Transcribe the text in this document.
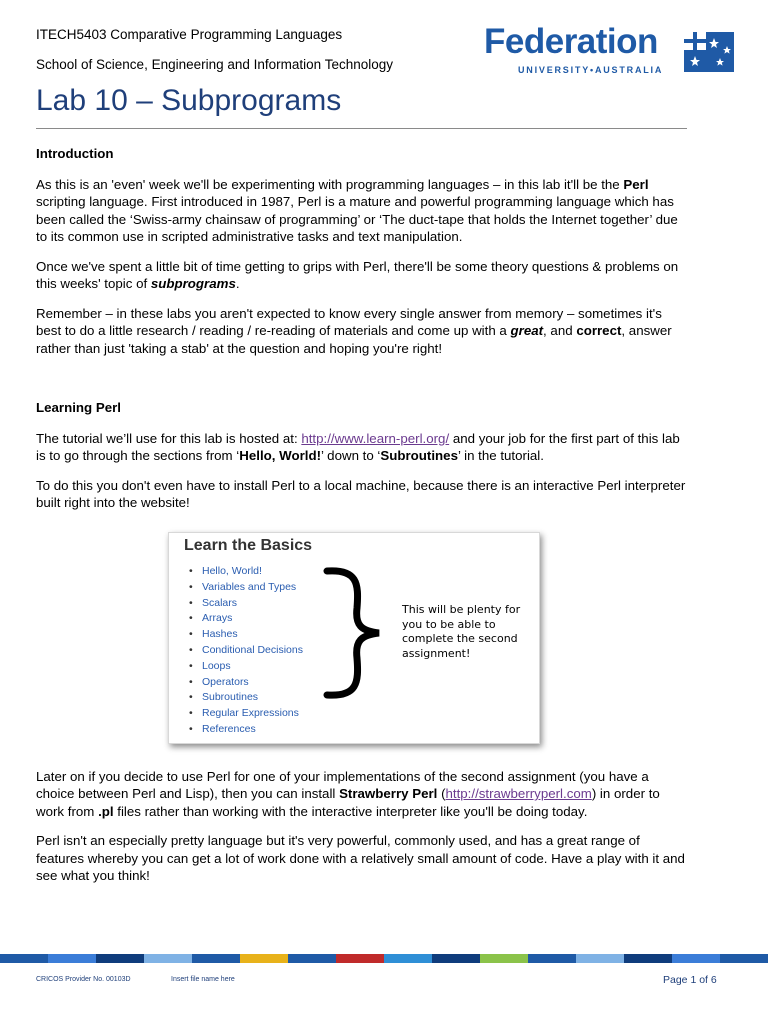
ITECH5403 Comparative Programming Languages
School of Science, Engineering and Information Technology
Federation
UNIVERSITY•AUSTRALIA
Lab 10 – Subprograms
Introduction

As this is an 'even' week we'll be experimenting with programming languages – in this lab it'll be the Perl scripting language. First introduced in 1987, Perl is a mature and powerful programming language which has been called the ‘Swiss-army chainsaw of programming’ or ‘The duct-tape that holds the Internet together’ due to its common use in scripted administrative tasks and text manipulation.

Once we've spent a little bit of time getting to grips with Perl, there'll be some theory questions & problems on this weeks' topic of subprograms.

Remember – in these labs you aren't expected to know every single answer from memory – sometimes it's best to do a little research / reading / re-reading of materials and come up with a great, and correct, answer rather than just 'taking a stab' at the question and hoping you're right!

Learning Perl

The tutorial we’ll use for this lab is hosted at: http://www.learn-perl.org/ and your job for the first part of this lab is to go through the sections from ‘Hello, World!’ down to ‘Subroutines’ in the tutorial.

To do this you don't even have to install Perl to a local machine, because there is an interactive Perl interpreter built right into the website!

Later on if you decide to use Perl for one of your implementations of the second assignment (you have a choice between Perl and Lisp), then you can install Strawberry Perl (http://strawberryperl.com) in order to work from .pl files rather than working with the interactive interpreter like you'll be doing today.

Perl isn't an especially pretty language but it's very powerful, commonly used, and has a great range of features whereby you can get a lot of work done with a relatively small amount of code. Have a play with it and see what you think!

Learn the Basics
• Hello, World!
• Variables and Types
• Scalars
• Arrays
• Hashes
• Conditional Decisions
• Loops
• Operators
• Subroutines
• Regular Expressions
• References
This will be plenty for you to be able to complete the second assignment!
CRICOS Provider No. 00103D	Insert file name here	Page 1 of 6
